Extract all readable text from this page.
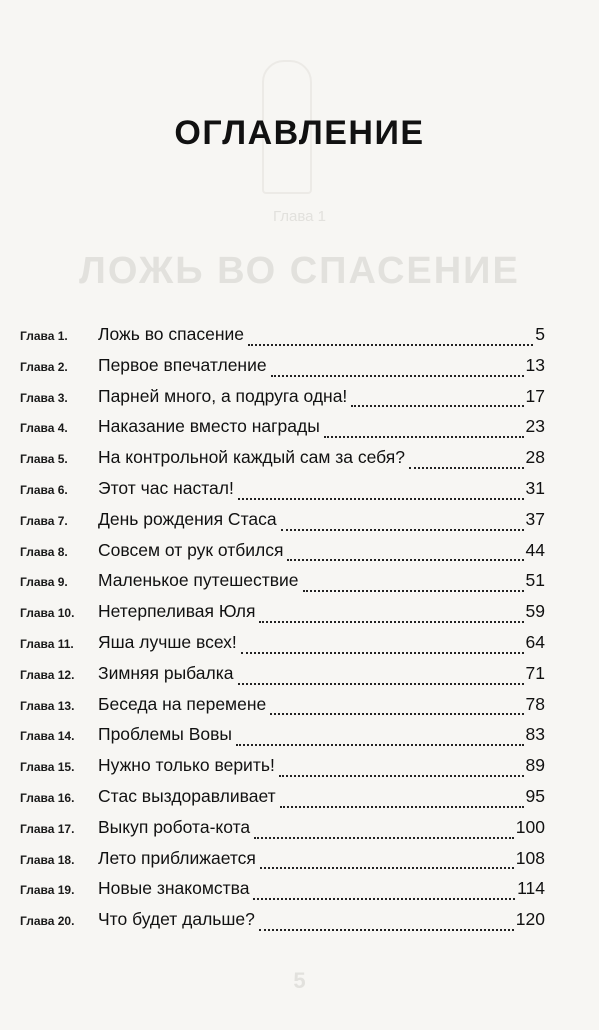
Глава 1
ЛОЖЬ ВО СПАСЕНИЕ
5
ОГЛАВЛЕНИЕ
Глава 1.	Ложь во спасение	5
Глава 2.	Первое впечатление	13
Глава 3.	Парней много, а подруга одна!	17
Глава 4.	Наказание вместо награды	23
Глава 5.	На контрольной каждый сам за себя?	28
Глава 6.	Этот час настал!	31
Глава 7.	День рождения Стаса	37
Глава 8.	Совсем от рук отбился	44
Глава 9.	Маленькое путешествие	51
Глава 10.	Нетерпеливая Юля	59
Глава 11.	Яша лучше всех!	64
Глава 12.	Зимняя рыбалка	71
Глава 13.	Беседа на перемене	78
Глава 14.	Проблемы Вовы	83
Глава 15.	Нужно только верить!	89
Глава 16.	Стас выздоравливает	95
Глава 17.	Выкуп робота-кота	100
Глава 18.	Лето приближается	108
Глава 19.	Новые знакомства	114
Глава 20.	Что будет дальше?	120
